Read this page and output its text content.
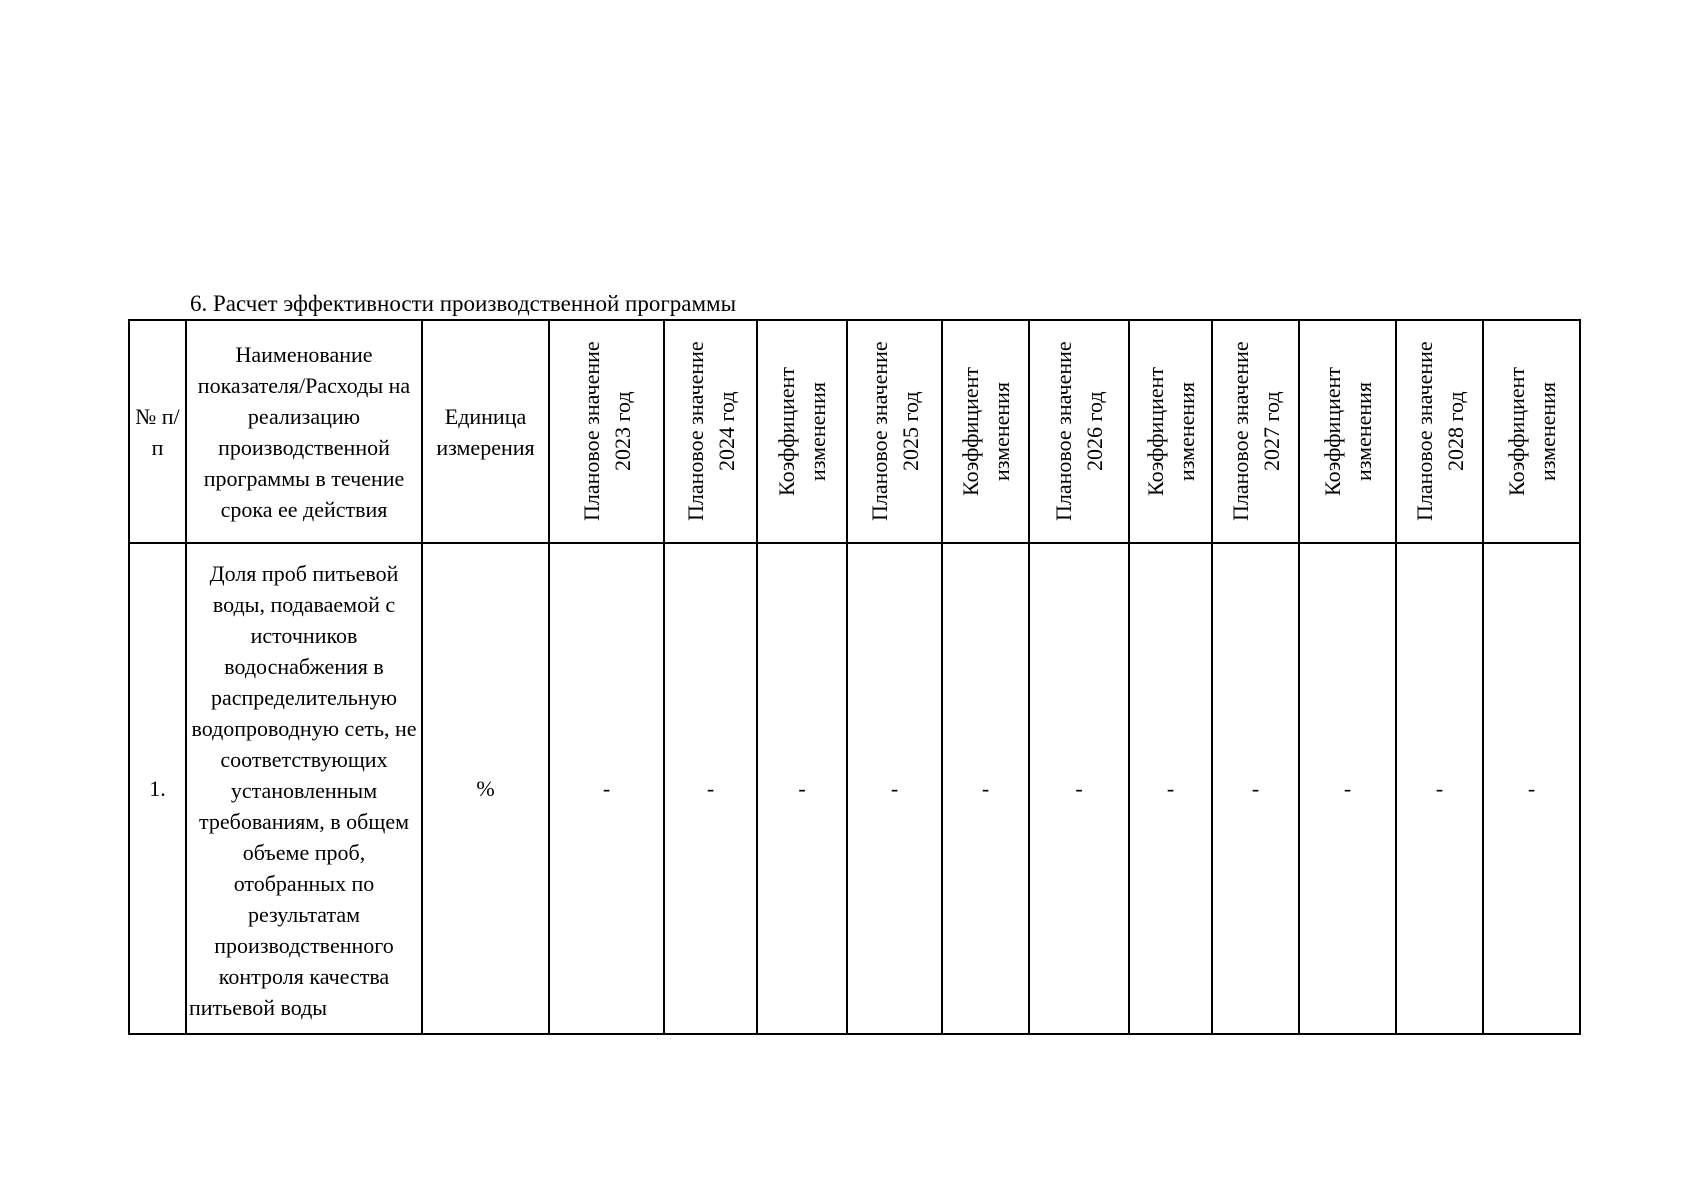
6. Расчет эффективности производственной программы
№ п/п	Наименование показателя/Расходы на реализацию производственной программы в течение срока ее действия	Единица измерения	Плановое значение 2023 год	Плановое значение 2024 год	Коэффициент изменения	Плановое значение 2025 год	Коэффициент изменения	Плановое значение 2026 год	Коэффициент изменения	Плановое значение 2027 год	Коэффициент изменения	Плановое значение 2028 год	Коэффициент изменения

1.	Доля проб питьевой воды, подаваемой с источников водоснабжения в распределительную водопроводную сеть, не соответствующих установленным требованиям, в общем объеме проб, отобранных по результатам производственного контроля качества питьевой воды	%	-	-	-	-	-	-	-	-	-	-	-
